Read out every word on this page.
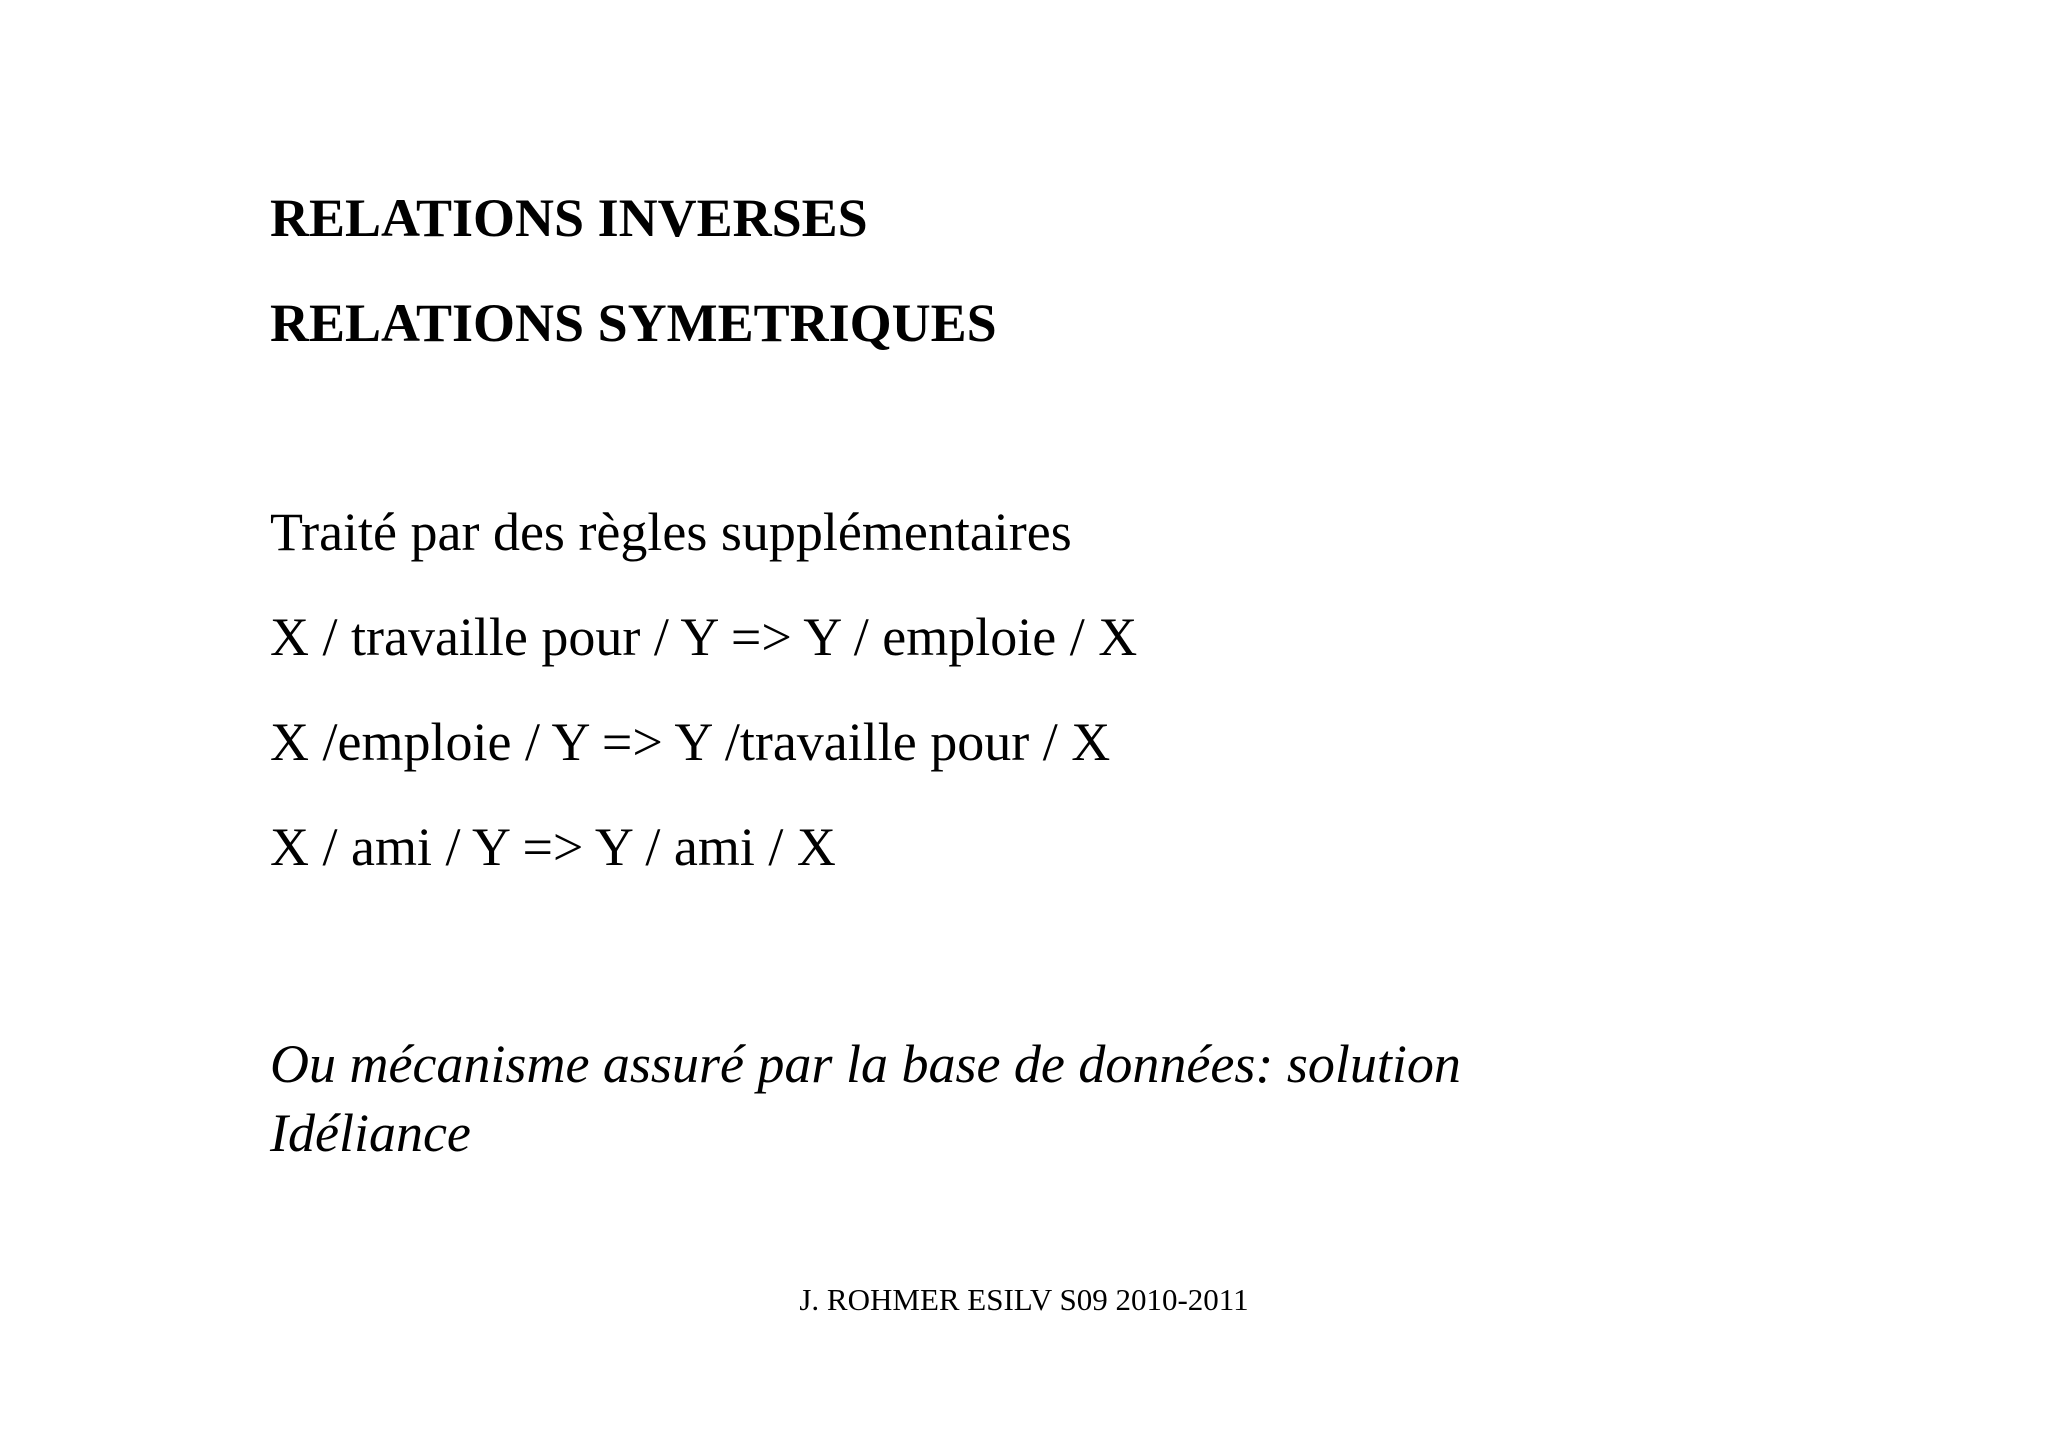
RELATIONS INVERSES
RELATIONS SYMETRIQUES

Traité par des règles supplémentaires

X / travaille pour / Y => Y / emploie / X

X /emploie / Y => Y /travaille pour / X

X / ami / Y => Y / ami / X

Ou mécanisme assuré par la base de données: solution
Idéliance

J. ROHMER ESILV S09 2010-2011
